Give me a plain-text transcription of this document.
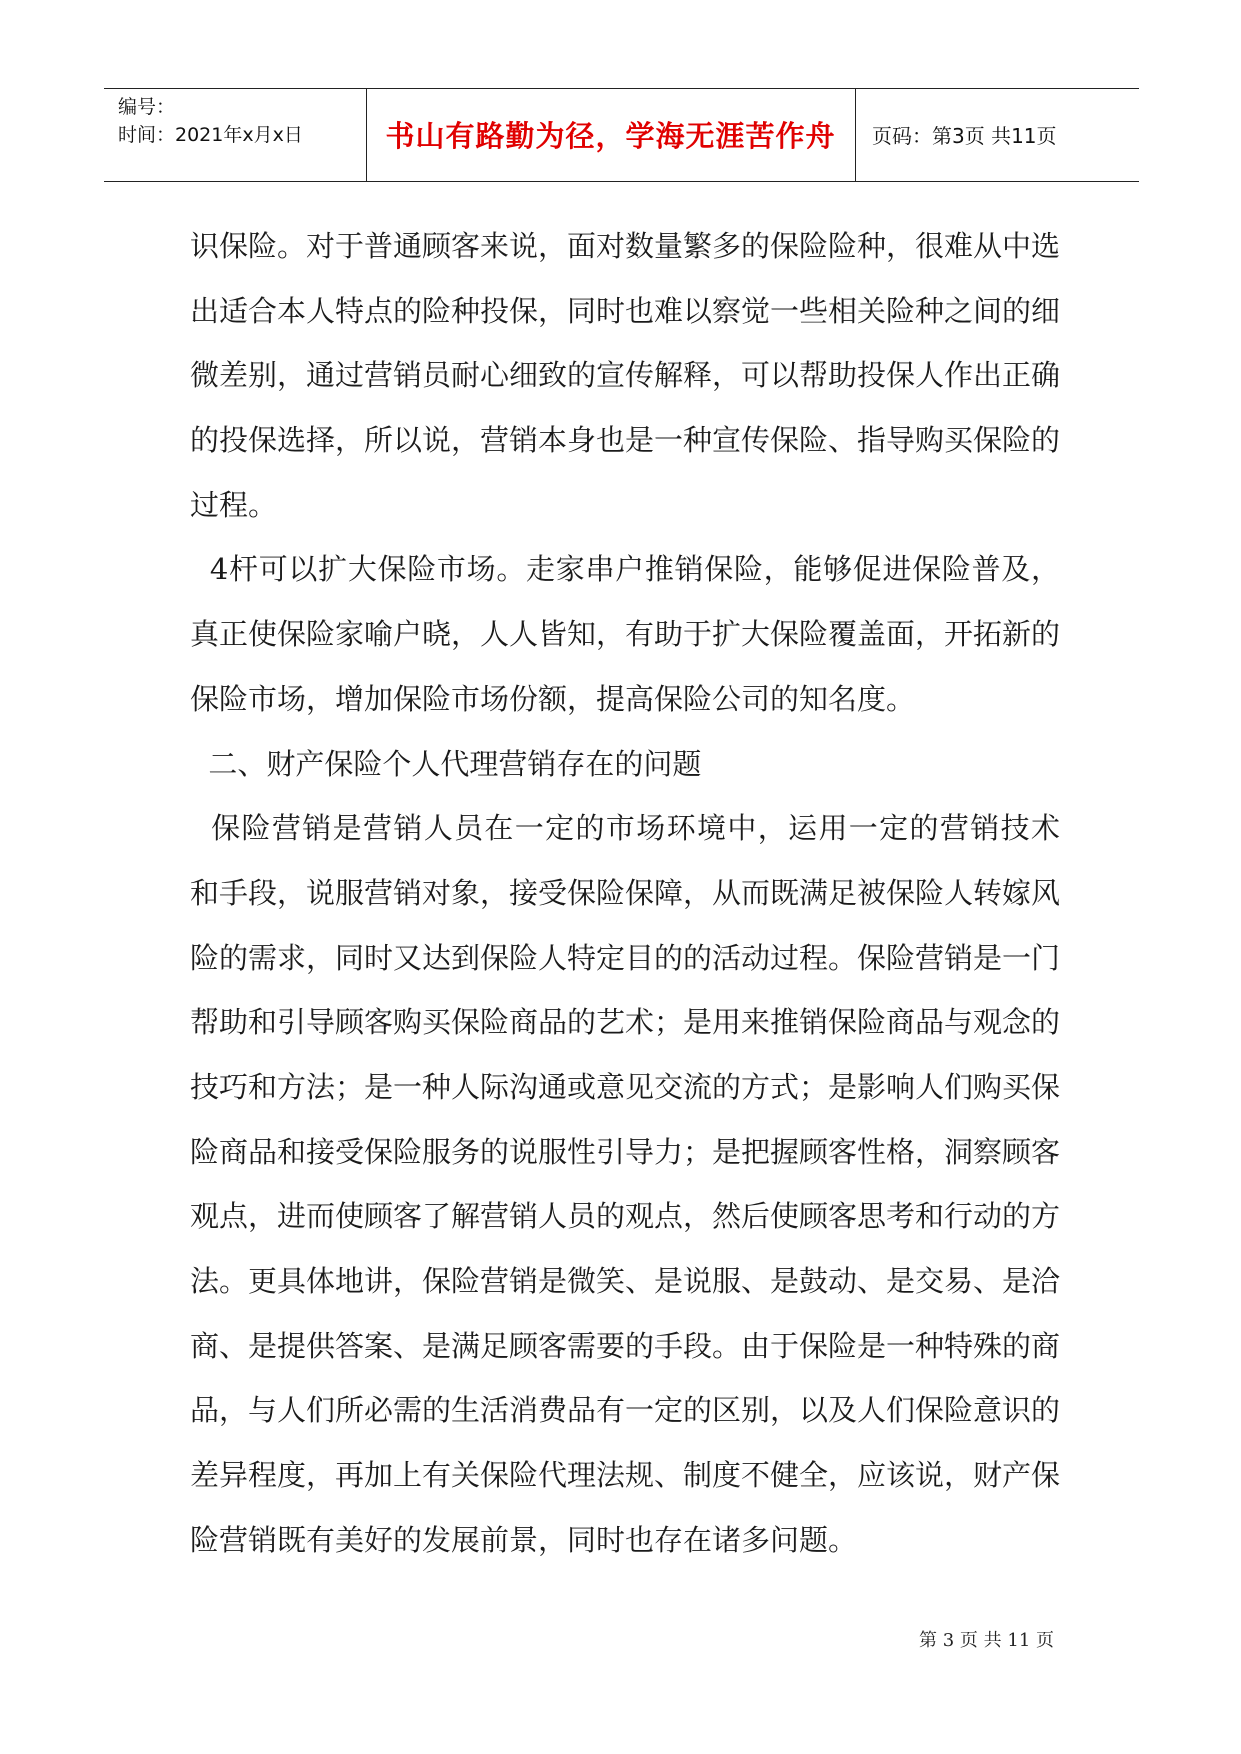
编号：
时间：2021年x月x日	书山有路勤为径，学海无涯苦作舟	页码：第3页 共11页
识保险。对于普通顾客来说，面对数量繁多的保险险种，很难从中选
出适合本人特点的险种投保，同时也难以察觉一些相关险种之间的细
微差别，通过营销员耐心细致的宣传解释，可以帮助投保人作出正确
的投保选择，所以说，营销本身也是一种宣传保险、指导购买保险的
过程。
4杆可以扩大保险市场。走家串户推销保险，能够促进保险普及，
真正使保险家喻户晓，人人皆知，有助于扩大保险覆盖面，开拓新的
保险市场，增加保险市场份额，提高保险公司的知名度。
二、财产保险个人代理营销存在的问题
保险营销是营销人员在一定的市场环境中，运用一定的营销技术
和手段，说服营销对象，接受保险保障，从而既满足被保险人转嫁风
险的需求，同时又达到保险人特定目的的活动过程。保险营销是一门
帮助和引导顾客购买保险商品的艺术；是用来推销保险商品与观念的
技巧和方法；是一种人际沟通或意见交流的方式；是影响人们购买保
险商品和接受保险服务的说服性引导力；是把握顾客性格，洞察顾客
观点，进而使顾客了解营销人员的观点，然后使顾客思考和行动的方
法。更具体地讲，保险营销是微笑、是说服、是鼓动、是交易、是洽
商、是提供答案、是满足顾客需要的手段。由于保险是一种特殊的商
品，与人们所必需的生活消费品有一定的区别，以及人们保险意识的
差异程度，再加上有关保险代理法规、制度不健全，应该说，财产保
险营销既有美好的发展前景，同时也存在诸多问题。
第 3 页 共 11 页
